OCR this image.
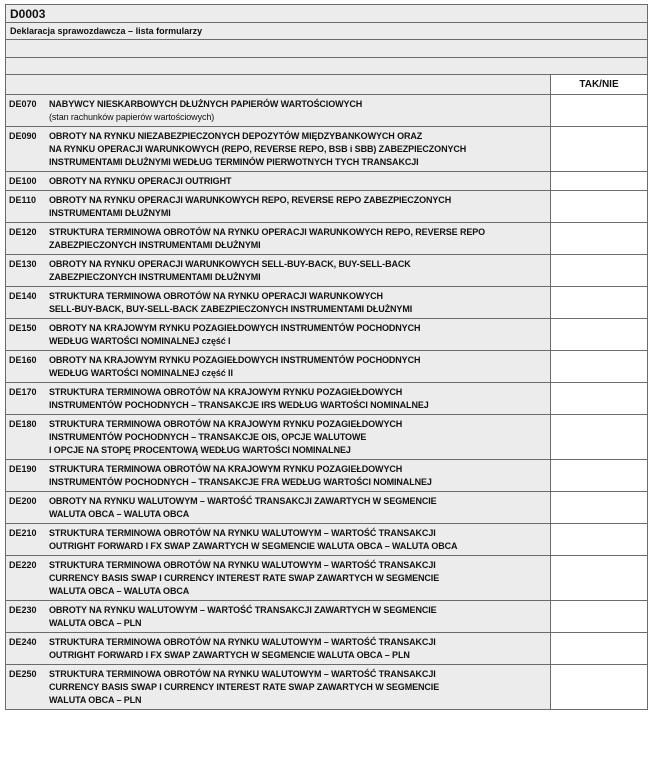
D0003
Deklaracja sprawozdawcza – lista formularzy
TAK/NIE
DE070	NABYWCY NIESKARBOWYCH DŁUŻNYCH PAPIERÓW WARTOŚCIOWYCH
(stan rachunków papierów wartościowych)
DE090	OBROTY NA RYNKU NIEZABEZPIECZONYCH DEPOZYTÓW MIĘDZYBANKOWYCH ORAZ
NA RYNKU OPERACJI WARUNKOWYCH (REPO, REVERSE REPO, BSB i SBB) ZABEZPIECZONYCH
INSTRUMENTAMI DŁUŻNYMI WEDŁUG TERMINÓW PIERWOTNYCH TYCH TRANSAKCJI
DE100	OBROTY NA RYNKU OPERACJI OUTRIGHT
DE110	OBROTY NA RYNKU OPERACJI WARUNKOWYCH REPO, REVERSE REPO ZABEZPIECZONYCH
INSTRUMENTAMI DŁUŻNYMI
DE120	STRUKTURA TERMINOWA OBROTÓW NA RYNKU OPERACJI WARUNKOWYCH REPO, REVERSE REPO
ZABEZPIECZONYCH INSTRUMENTAMI DŁUŻNYMI
DE130	OBROTY NA RYNKU OPERACJI WARUNKOWYCH SELL-BUY-BACK, BUY-SELL-BACK
ZABEZPIECZONYCH INSTRUMENTAMI DŁUŻNYMI
DE140	STRUKTURA TERMINOWA OBROTÓW NA RYNKU OPERACJI WARUNKOWYCH
SELL-BUY-BACK, BUY-SELL-BACK ZABEZPIECZONYCH INSTRUMENTAMI DŁUŻNYMI
DE150	OBROTY NA KRAJOWYM RYNKU POZAGIEŁDOWYCH INSTRUMENTÓW POCHODNYCH
WEDŁUG WARTOŚCI NOMINALNEJ część I
DE160	OBROTY NA KRAJOWYM RYNKU POZAGIEŁDOWYCH INSTRUMENTÓW POCHODNYCH
WEDŁUG WARTOŚCI NOMINALNEJ część II
DE170	STRUKTURA TERMINOWA OBROTÓW NA KRAJOWYM RYNKU POZAGIEŁDOWYCH
INSTRUMENTÓW POCHODNYCH – TRANSAKCJE IRS WEDŁUG WARTOŚCI NOMINALNEJ
DE180	STRUKTURA TERMINOWA OBROTÓW NA KRAJOWYM RYNKU POZAGIEŁDOWYCH
INSTRUMENTÓW POCHODNYCH – TRANSAKCJE OIS, OPCJE WALUTOWE
I OPCJE NA STOPĘ PROCENTOWĄ WEDŁUG WARTOŚCI NOMINALNEJ
DE190	STRUKTURA TERMINOWA OBROTÓW NA KRAJOWYM RYNKU POZAGIEŁDOWYCH
INSTRUMENTÓW POCHODNYCH – TRANSAKCJE FRA WEDŁUG WARTOŚCI NOMINALNEJ
DE200	OBROTY NA RYNKU WALUTOWYM – WARTOŚĆ TRANSAKCJI ZAWARTYCH W SEGMENCIE
WALUTA OBCA – WALUTA OBCA
DE210	STRUKTURA TERMINOWA OBROTÓW NA RYNKU WALUTOWYM – WARTOŚĆ TRANSAKCJI
OUTRIGHT FORWARD I FX SWAP ZAWARTYCH W SEGMENCIE WALUTA OBCA – WALUTA OBCA
DE220	STRUKTURA TERMINOWA OBROTÓW NA RYNKU WALUTOWYM – WARTOŚĆ TRANSAKCJI
CURRENCY BASIS SWAP I CURRENCY INTEREST RATE SWAP ZAWARTYCH W SEGMENCIE
WALUTA OBCA – WALUTA OBCA
DE230	OBROTY NA RYNKU WALUTOWYM – WARTOŚĆ TRANSAKCJI ZAWARTYCH W SEGMENCIE
WALUTA OBCA – PLN
DE240	STRUKTURA TERMINOWA OBROTÓW NA RYNKU WALUTOWYM – WARTOŚĆ TRANSAKCJI
OUTRIGHT FORWARD I FX SWAP ZAWARTYCH W SEGMENCIE WALUTA OBCA – PLN
DE250	STRUKTURA TERMINOWA OBROTÓW NA RYNKU WALUTOWYM – WARTOŚĆ TRANSAKCJI
CURRENCY BASIS SWAP I CURRENCY INTEREST RATE SWAP ZAWARTYCH W SEGMENCIE
WALUTA OBCA – PLN
